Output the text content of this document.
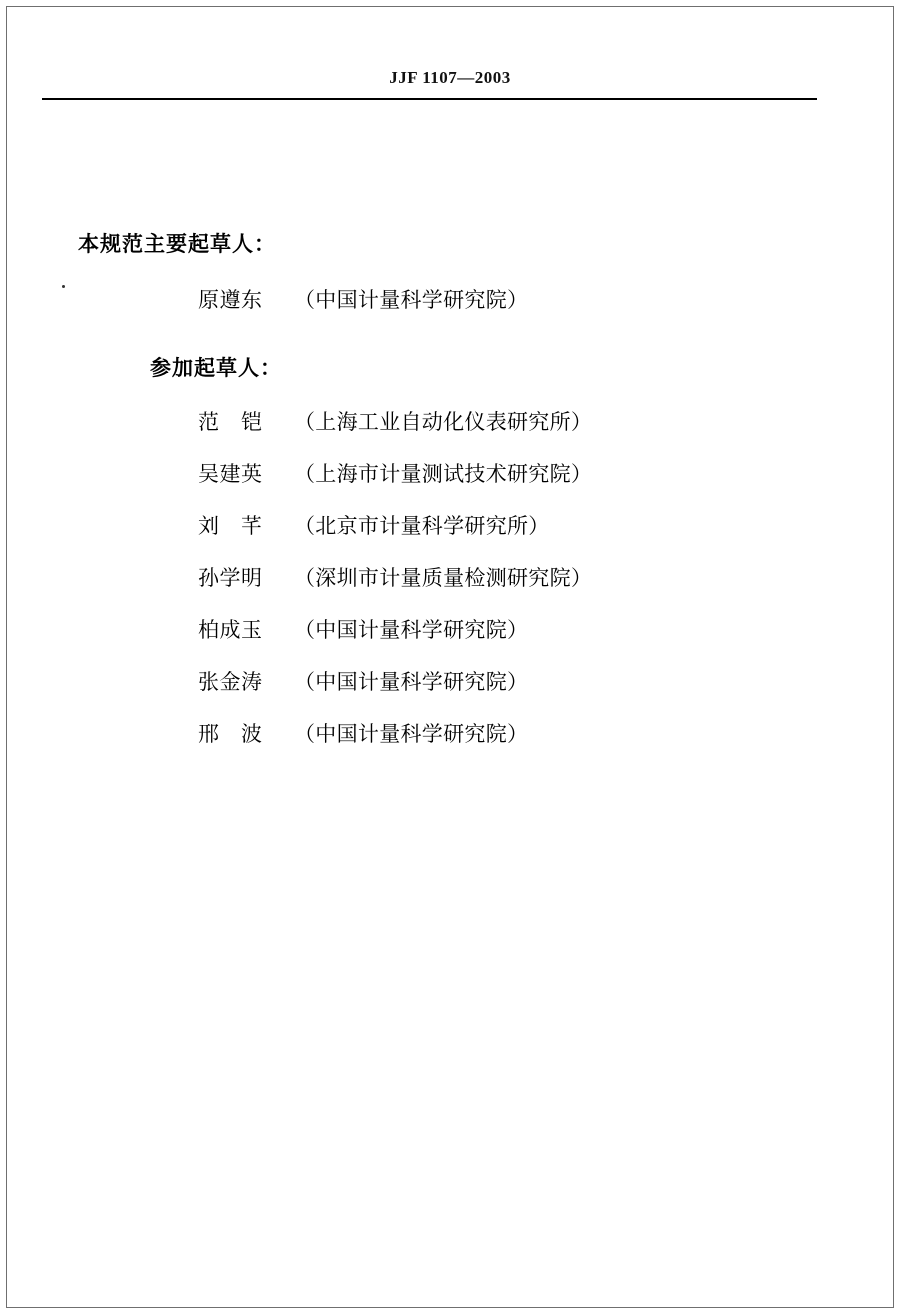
JJF 1107—2003

本规范主要起草人：

原遵东	（中国计量科学研究院）

参加起草人：

范　铠	（上海工业自动化仪表研究所）
吴建英	（上海市计量测试技术研究院）
刘　芊	（北京市计量科学研究所）
孙学明	（深圳市计量质量检测研究院）
柏成玉	（中国计量科学研究院）
张金涛	（中国计量科学研究院）
邢　波	（中国计量科学研究院）
